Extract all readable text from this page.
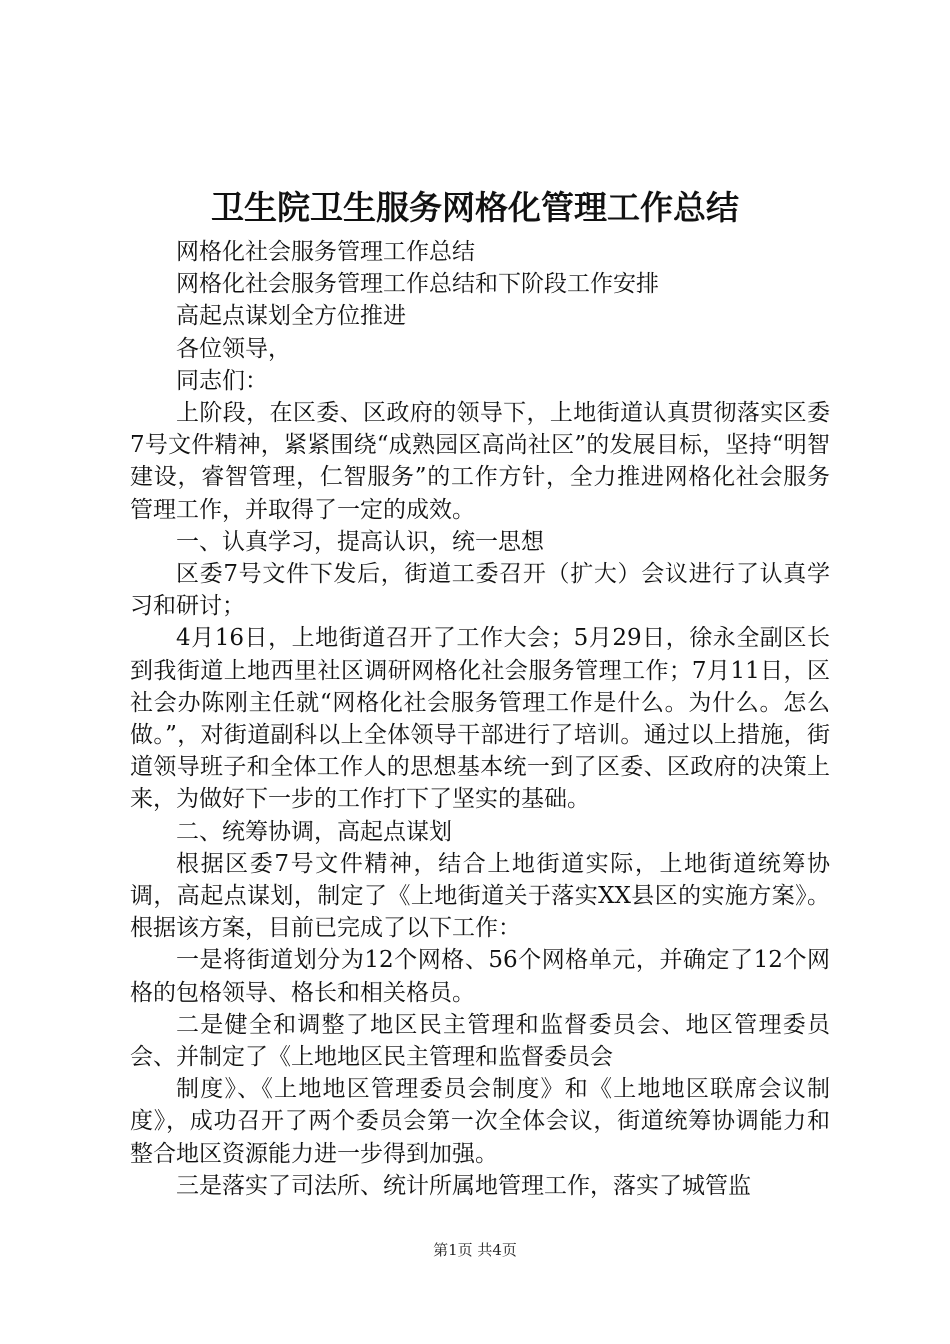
卫生院卫生服务网格化管理工作总结

网格化社会服务管理工作总结

网格化社会服务管理工作总结和下阶段工作安排

高起点谋划全方位推进

各位领导，

同志们：

上阶段，在区委、区政府的领导下，上地街道认真贯彻落实区委7号文件精神，紧紧围绕“成熟园区高尚社区”的发展目标，坚持“明智建设，睿智管理，仁智服务”的工作方针，全力推进网格化社会服务管理工作，并取得了一定的成效。

一、认真学习，提高认识，统一思想

区委7号文件下发后，街道工委召开（扩大）会议进行了认真学习和研讨；

4月16日，上地街道召开了工作大会；5月29日，徐永全副区长到我街道上地西里社区调研网格化社会服务管理工作；7月11日，区社会办陈刚主任就“网格化社会服务管理工作是什么。为什么。怎么做。”，对街道副科以上全体领导干部进行了培训。通过以上措施，街道领导班子和全体工作人的思想基本统一到了区委、区政府的决策上来，为做好下一步的工作打下了坚实的基础。

二、统筹协调，高起点谋划

根据区委7号文件精神，结合上地街道实际，上地街道统筹协调，高起点谋划，制定了《上地街道关于落实XX县区的实施方案》。根据该方案，目前已完成了以下工作：

一是将街道划分为12个网格、56个网格单元，并确定了12个网格的包格领导、格长和相关格员。

二是健全和调整了地区民主管理和监督委员会、地区管理委员会、并制定了《上地地区民主管理和监督委员会

制度》、《上地地区管理委员会制度》和《上地地区联席会议制度》，成功召开了两个委员会第一次全体会议，街道统筹协调能力和整合地区资源能力进一步得到加强。

三是落实了司法所、统计所属地管理工作，落实了城管监

第1页 共4页
